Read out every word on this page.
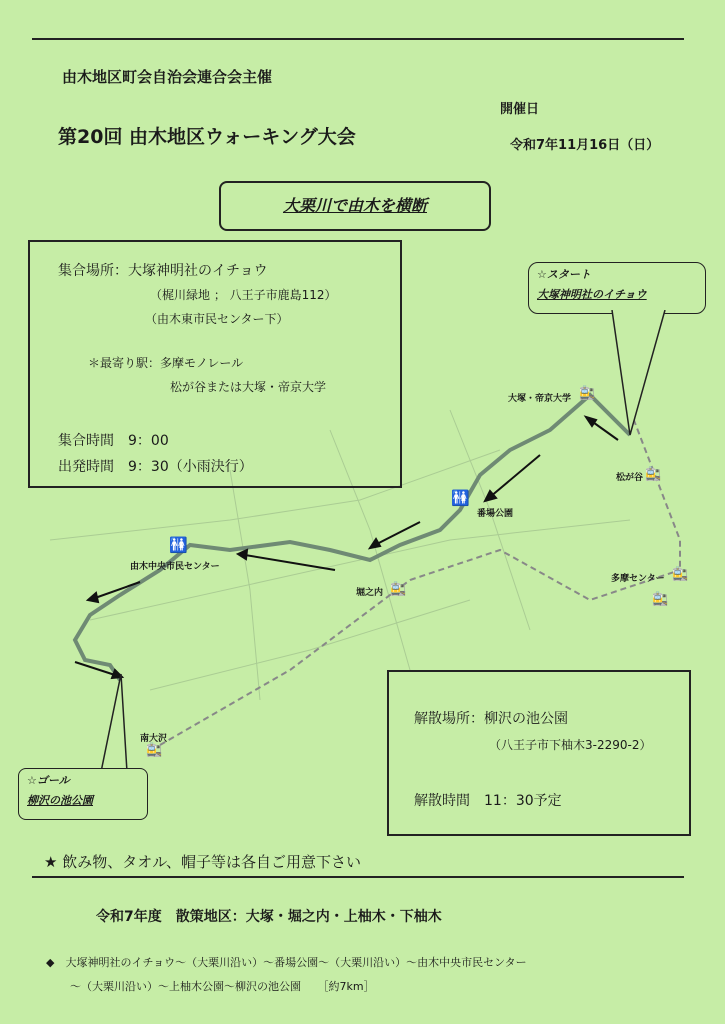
由木地区町会自治会連合会主催
第20回 由木地区ウォーキング大会
開催日
令和7年11月16日（日）
大栗川で由木を横断
大塚・帝京大学 🚉
松が谷 🚉
🚻
番場公園
多摩センター 🚉
🚉
堀之内 🚉
🚻
由木中央市民センター
南大沢
🚉
集合場所：大塚神明社のイチョウ
（梶川緑地 ； 八王子市鹿島112）
（由木東市民センター下）
＊最寄り駅：多摩モノレール
松が谷または大塚・帝京大学
集合時間　9：00
出発時間　9：30（小雨決行）
☆スタート
大塚神明社のイチョウ
☆ゴール
柳沢の池公園
解散場所：柳沢の池公園
（八王子市下柚木3-2290-2）
解散時間　11：30予定
★ 飲み物、タオル、帽子等は各自ご用意下さい
令和7年度　散策地区：大塚・堀之内・上柚木・下柚木
◆　大塚神明社のイチョウ～（大栗川沿い）～番場公園～（大栗川沿い）～由木中央市民センター
～（大栗川沿い）～上柚木公園～柳沢の池公園　　［約7km］
